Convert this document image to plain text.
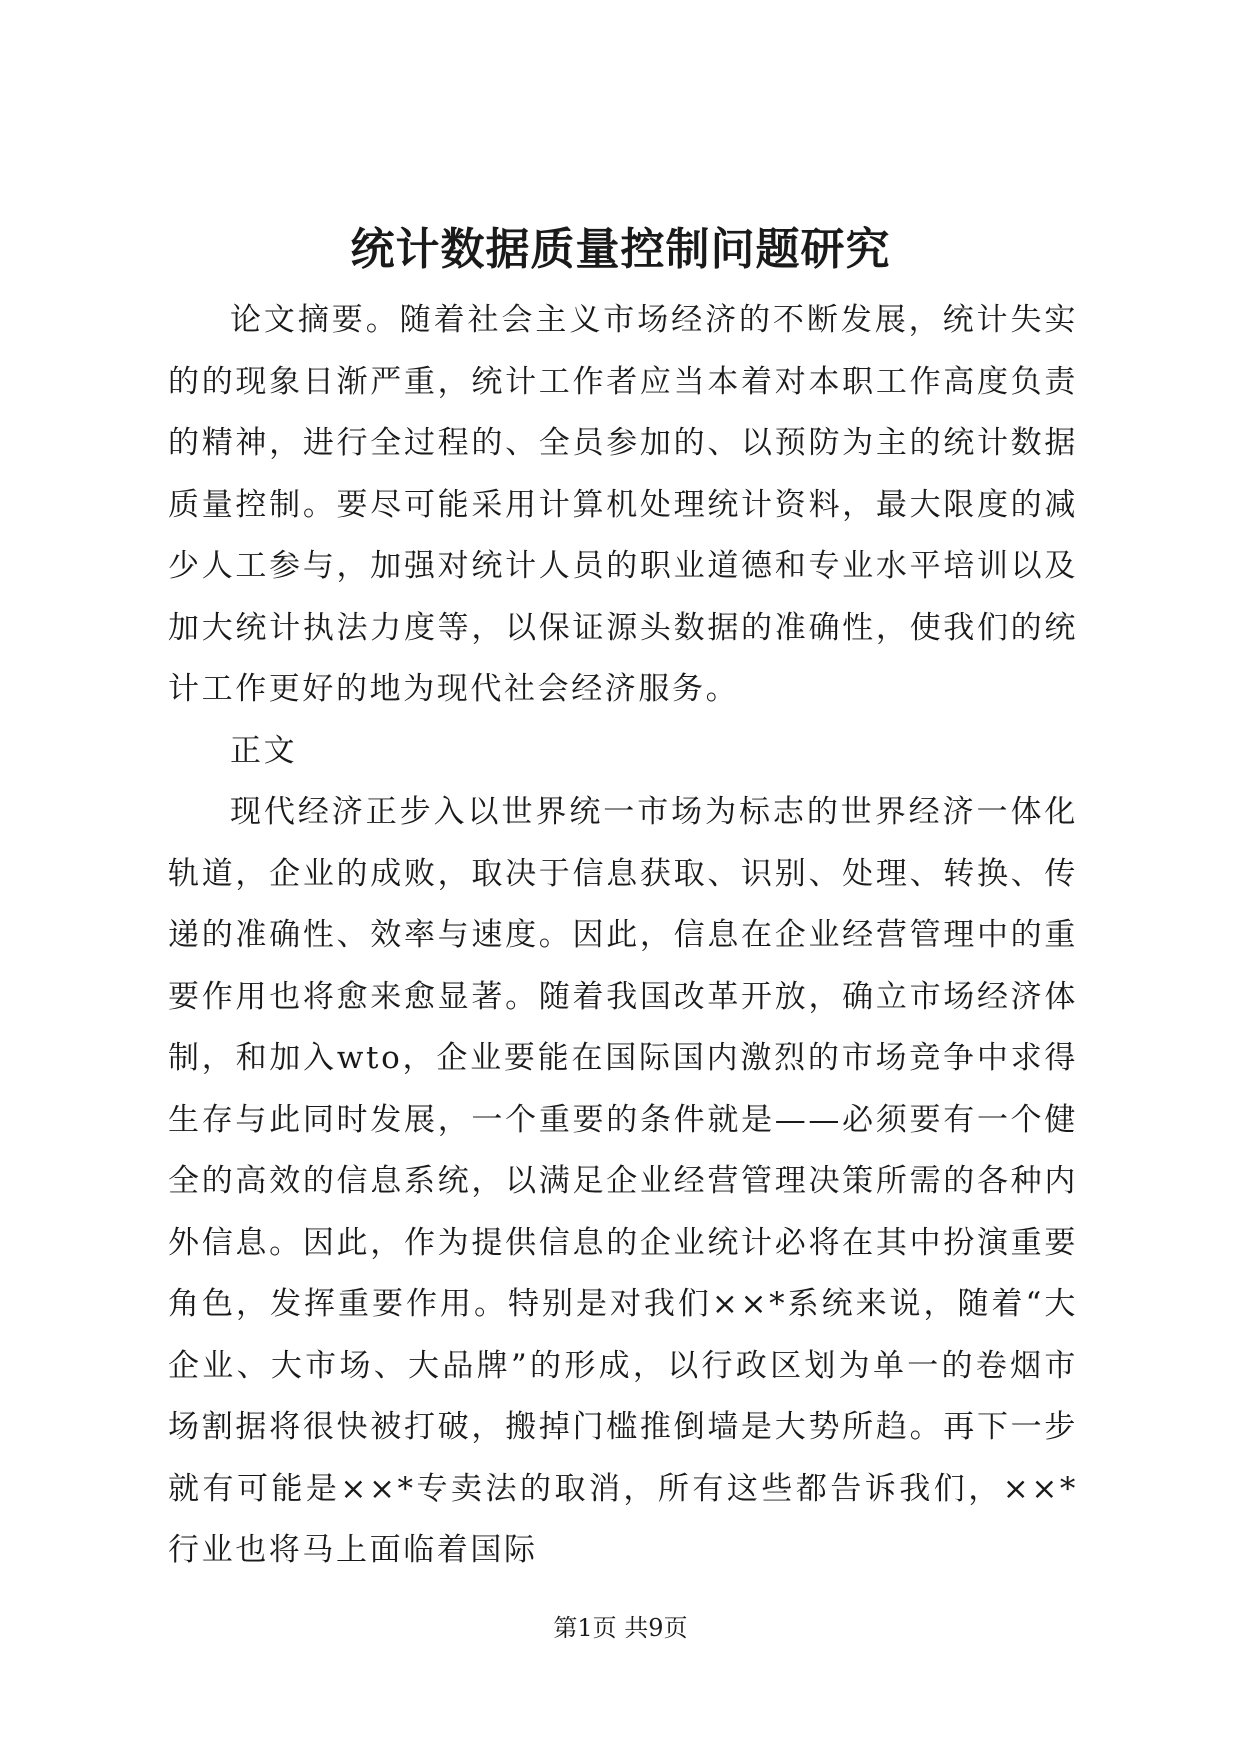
统计数据质量控制问题研究

论文摘要。随着社会主义市场经济的不断发展，统计失实的的现象日渐严重，统计工作者应当本着对本职工作高度负责的精神，进行全过程的、全员参加的、以预防为主的统计数据质量控制。要尽可能采用计算机处理统计资料，最大限度的减少人工参与，加强对统计人员的职业道德和专业水平培训以及加大统计执法力度等，以保证源头数据的准确性，使我们的统计工作更好的地为现代社会经济服务。

正文

现代经济正步入以世界统一市场为标志的世界经济一体化轨道，企业的成败，取决于信息获取、识别、处理、转换、传递的准确性、效率与速度。因此，信息在企业经营管理中的重要作用也将愈来愈显著。随着我国改革开放，确立市场经济体制，和加入wto，企业要能在国际国内激烈的市场竞争中求得生存与此同时发展，一个重要的条件就是——必须要有一个健全的高效的信息系统，以满足企业经营管理决策所需的各种内外信息。因此，作为提供信息的企业统计必将在其中扮演重要角色，发挥重要作用。特别是对我们××*系统来说，随着“大企业、大市场、大品牌”的形成，以行政区划为单一的卷烟市场割据将很快被打破，搬掉门槛推倒墙是大势所趋。再下一步就有可能是××*专卖法的取消，所有这些都告诉我们，××*行业也将马上面临着国际

第1页 共9页
